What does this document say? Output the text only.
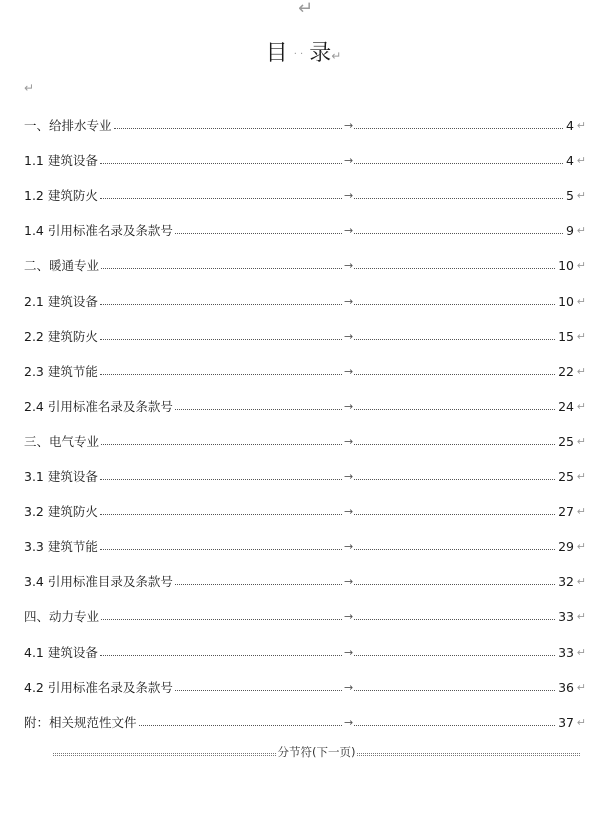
↵
目 · · 录↵
↵
一、给排水专业	→	4 ↵
1.1 建筑设备	→	4 ↵
1.2 建筑防火	→	5 ↵
1.4 引用标准名录及条款号	→	9 ↵
二、暖通专业	→	10 ↵
2.1 建筑设备	→	10 ↵
2.2 建筑防火	→	15 ↵
2.3 建筑节能	→	22 ↵
2.4 引用标准名录及条款号	→	24 ↵
三、电气专业	→	25 ↵
3.1 建筑设备	→	25 ↵
3.2 建筑防火	→	27 ↵
3.3 建筑节能	→	29 ↵
3.4 引用标准目录及条款号	→	32 ↵
四、动力专业	→	33 ↵
4.1 建筑设备	→	33 ↵
4.2 引用标准名录及条款号	→	36 ↵
附：相关规范性文件	→	37 ↵
分节符(下一页)
